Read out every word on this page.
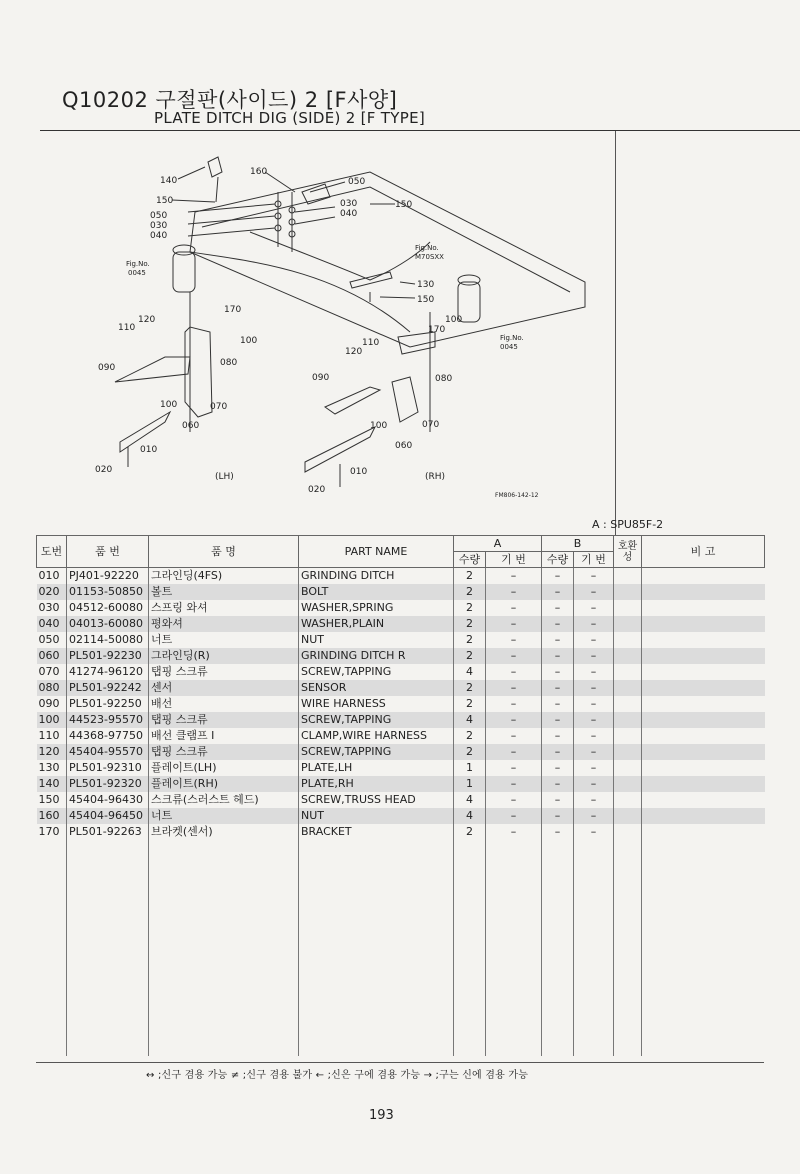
Q10202 구절판(사이드) 2 [F사양]
PLATE DITCH DIG (SIDE) 2 [F TYPE]
140
160
050
150
050
030
040
030
040
150
Fig.No.
0045
Fig.No.
M70SXX
130
150
120
110
170
100
090	080
100	070
060
010
020
(LH)
170
100
Fig.No.
0045
110
120
090	080
100	070
060
010
020
(RH)
FM806-142-12
A : SPU85F-2
도번	품 번	품 명	PART NAME	A		B		호환성	비 고
				수량	기 번	수량	기 번		
010	PJ401-92220	그라인딩(4FS)	GRINDING DITCH	2	–	–	–		
020	01153-50850	볼트	BOLT	2	–	–	–		
030	04512-60080	스프링 와셔	WASHER,SPRING	2	–	–	–		
040	04013-60080	평와셔	WASHER,PLAIN	2	–	–	–		
050	02114-50080	너트	NUT	2	–	–	–		
060	PL501-92230	그라인딩(R)	GRINDING DITCH R	2	–	–	–		
070	41274-96120	탭핑 스크류	SCREW,TAPPING	4	–	–	–		
080	PL501-92242	센서	SENSOR	2	–	–	–		
090	PL501-92250	배선	WIRE HARNESS	2	–	–	–		
100	44523-95570	탭핑 스크류	SCREW,TAPPING	4	–	–	–		
110	44368-97750	배선 클램프 I	CLAMP,WIRE HARNESS	2	–	–	–		
120	45404-95570	탭핑 스크류	SCREW,TAPPING	2	–	–	–		
130	PL501-92310	플레이트(LH)	PLATE,LH	1	–	–	–		
140	PL501-92320	플레이트(RH)	PLATE,RH	1	–	–	–		
150	45404-96430	스크류(스러스트 헤드)	SCREW,TRUSS HEAD	4	–	–	–		
160	45404-96450	너트	NUT	4	–	–	–		
170	PL501-92263	브라켓(센서)	BRACKET	2	–	–	–		

↔ ;신구 겸용 가능 ≠ ;신구 겸용 불가 ← ;신은 구에 겸용 가능 → ;구는 신에 겸용 가능
193
